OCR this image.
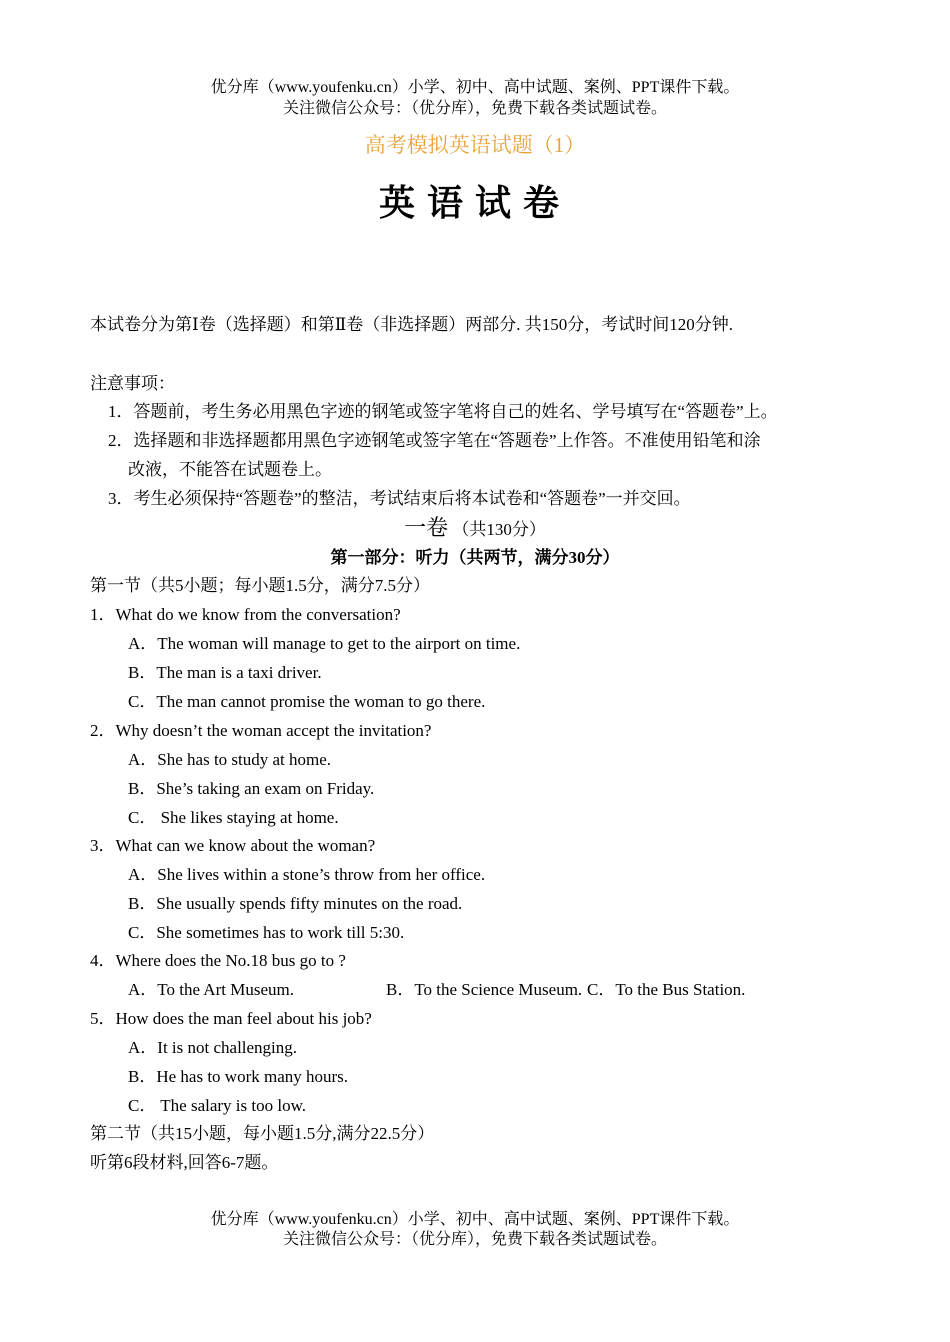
优分库（www.youfenku.cn）小学、初中、高中试题、案例、PPT课件下载。
关注微信公众号：（优分库），免费下载各类试题试卷。
高考模拟英语试题（1）
英语试卷
本试卷分为第Ⅰ卷（选择题）和第Ⅱ卷（非选择题）两部分. 共150分，考试时间120分钟.
注意事项：
1．答题前，考生务必用黑色字迹的钢笔或签字笔将自己的姓名、学号填写在“答题卷”上。
2．选择题和非选择题都用黑色字迹钢笔或签字笔在“答题卷”上作答。不准使用铅笔和涂
改液，不能答在试题卷上。
3．考生必须保持“答题卷”的整洁，考试结束后将本试卷和“答题卷”一并交回。
一卷 （共130分）
第一部分：听力（共两节，满分30分）
第一节（共5小题；每小题1.5分，满分7.5分）
1．What do we know from the conversation?
A．The woman will manage to get to the airport on time.
B．The man is a taxi driver.
C．The man cannot promise the woman to go there.
2．Why doesn’t the woman accept the invitation?
A．She has to study at home.
B．She’s taking an exam on Friday.
C． She likes staying at home.
3．What can we know about the woman?
A．She lives within a stone’s throw from her office.
B．She usually spends fifty minutes on the road.
C．She sometimes has to work till 5:30.
4．Where does the No.18 bus go to ?
A．To the Art Museum.	B．To the Science Museum. C．To the Bus Station.
5．How does the man feel about his job?
A．It is not challenging.
B．He has to work many hours.
C． The salary is too low.
第二节（共15小题，每小题1.5分,满分22.5分）
听第6段材料,回答6-7题。
优分库（www.youfenku.cn）小学、初中、高中试题、案例、PPT课件下载。
关注微信公众号：（优分库），免费下载各类试题试卷。
